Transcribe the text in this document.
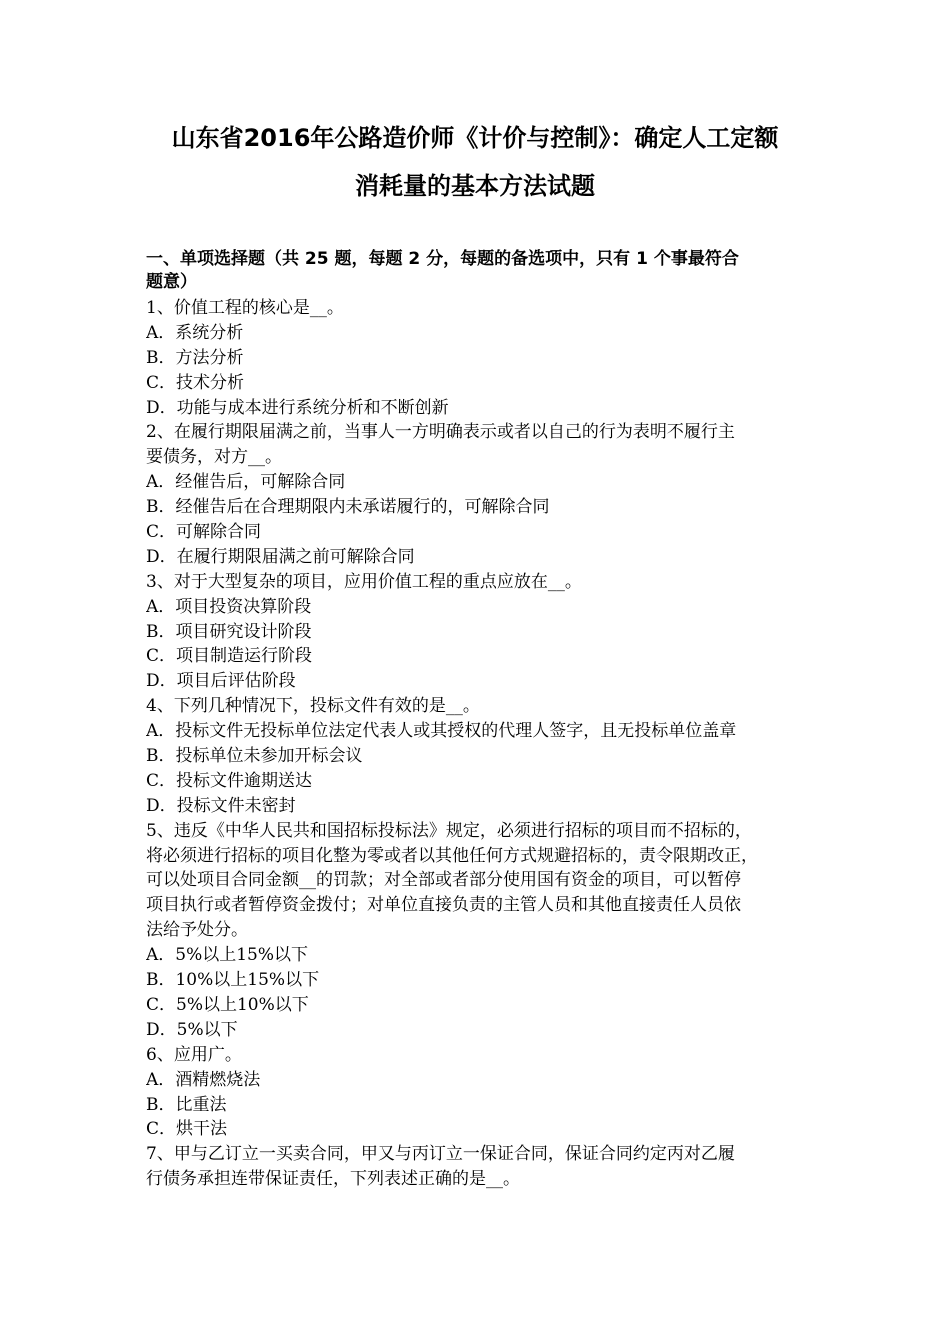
山东省2016年公路造价师《计价与控制》：确定人工定额
消耗量的基本方法试题
一、单项选择题（共 25 题，每题 2 分，每题的备选项中，只有 1 个事最符合
题意）
1、价值工程的核心是__。
A．系统分析
B．方法分析
C．技术分析
D．功能与成本进行系统分析和不断创新
2、在履行期限届满之前，当事人一方明确表示或者以自己的行为表明不履行主
要债务，对方__。
A．经催告后，可解除合同
B．经催告后在合理期限内未承诺履行的，可解除合同
C．可解除合同
D．在履行期限届满之前可解除合同
3、对于大型复杂的项目，应用价值工程的重点应放在__。
A．项目投资决算阶段
B．项目研究设计阶段
C．项目制造运行阶段
D．项目后评估阶段
4、下列几种情况下，投标文件有效的是__。
A．投标文件无投标单位法定代表人或其授权的代理人签字，且无投标单位盖章
B．投标单位未参加开标会议
C．投标文件逾期送达
D．投标文件未密封
5、违反《中华人民共和国招标投标法》规定，必须进行招标的项目而不招标的，
将必须进行招标的项目化整为零或者以其他任何方式规避招标的，责令限期改正，
可以处项目合同金额__的罚款；对全部或者部分使用国有资金的项目，可以暂停
项目执行或者暂停资金拨付；对单位直接负责的主管人员和其他直接责任人员依
法给予处分。
A．5%以上15%以下
B．10%以上15%以下
C．5%以上10%以下
D．5%以下
6、应用广。
A．酒精燃烧法
B．比重法
C．烘干法
7、甲与乙订立一买卖合同，甲又与丙订立一保证合同，保证合同约定丙对乙履
行债务承担连带保证责任，下列表述正确的是__。
